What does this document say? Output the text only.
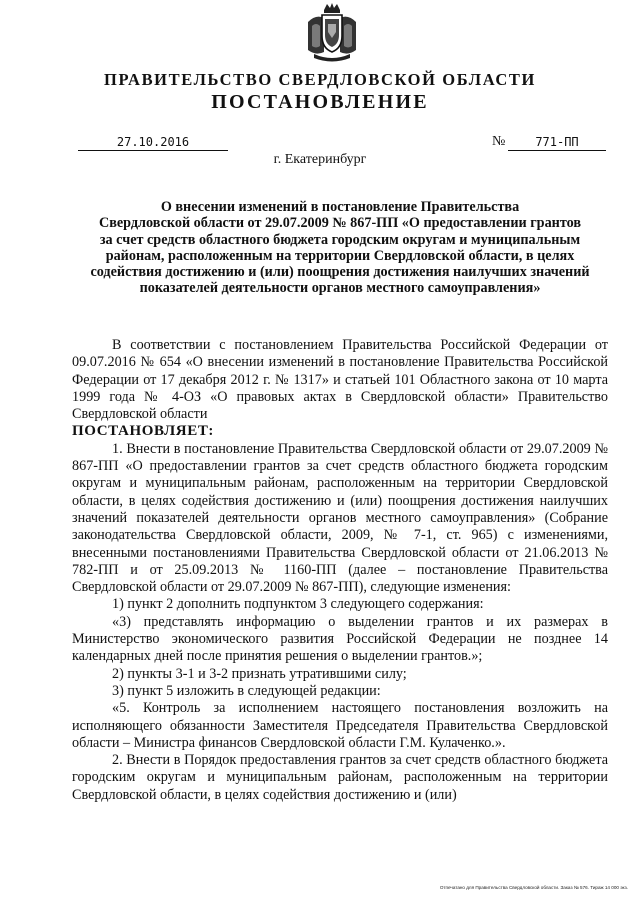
ПРАВИТЕЛЬСТВО СВЕРДЛОВСКОЙ ОБЛАСТИ
ПОСТАНОВЛЕНИЕ
27.10.2016	№	771-ПП
г. Екатеринбург
О внесении изменений в постановление Правительства
Свердловской области от 29.07.2009 № 867-ПП «О предоставлении грантов
за счет средств областного бюджета городским округам и муниципальным
районам, расположенным на территории Свердловской области, в целях
содействия достижению и (или) поощрения достижения наилучших значений
показателей деятельности органов местного самоуправления»

В соответствии с постановлением Правительства Российской Федерации от 09.07.2016 № 654 «О внесении изменений в постановление Правительства Российской Федерации от 17 декабря 2012 г. № 1317» и статьей 101 Областного закона от 10 марта 1999 года № 4-ОЗ «О правовых актах в Свердловской области» Правительство Свердловской области

ПОСТАНОВЛЯЕТ:

1. Внести в постановление Правительства Свердловской области от 29.07.2009 № 867-ПП «О предоставлении грантов за счет средств областного бюджета городским округам и муниципальным районам, расположенным на территории Свердловской области, в целях содействия достижению и (или) поощрения достижения наилучших значений показателей деятельности органов местного самоуправления» (Собрание законодательства Свердловской области, 2009, № 7-1, ст. 965) с изменениями, внесенными постановлениями Правительства Свердловской области от 21.06.2013 № 782-ПП и от 25.09.2013 № 1160-ПП (далее – постановление Правительства Свердловской области от 29.07.2009 № 867-ПП), следующие изменения:

1) пункт 2 дополнить подпунктом 3 следующего содержания:

«3) представлять информацию о выделении грантов и их размерах в Министерство экономического развития Российской Федерации не позднее 14 календарных дней после принятия решения о выделении грантов.»;

2) пункты 3-1 и 3-2 признать утратившими силу;

3) пункт 5 изложить в следующей редакции:

«5. Контроль за исполнением настоящего постановления возложить на исполняющего обязанности Заместителя Председателя Правительства Свердловской области – Министра финансов Свердловской области Г.М. Кулаченко.».

2. Внести в Порядок предоставления грантов за счет средств областного бюджета городским округам и муниципальным районам, расположенным на территории Свердловской области, в целях содействия достижению и (или)

Отпечатано для Правительства Свердловской области. Заказ № 576. Тираж 14 000 экз.
